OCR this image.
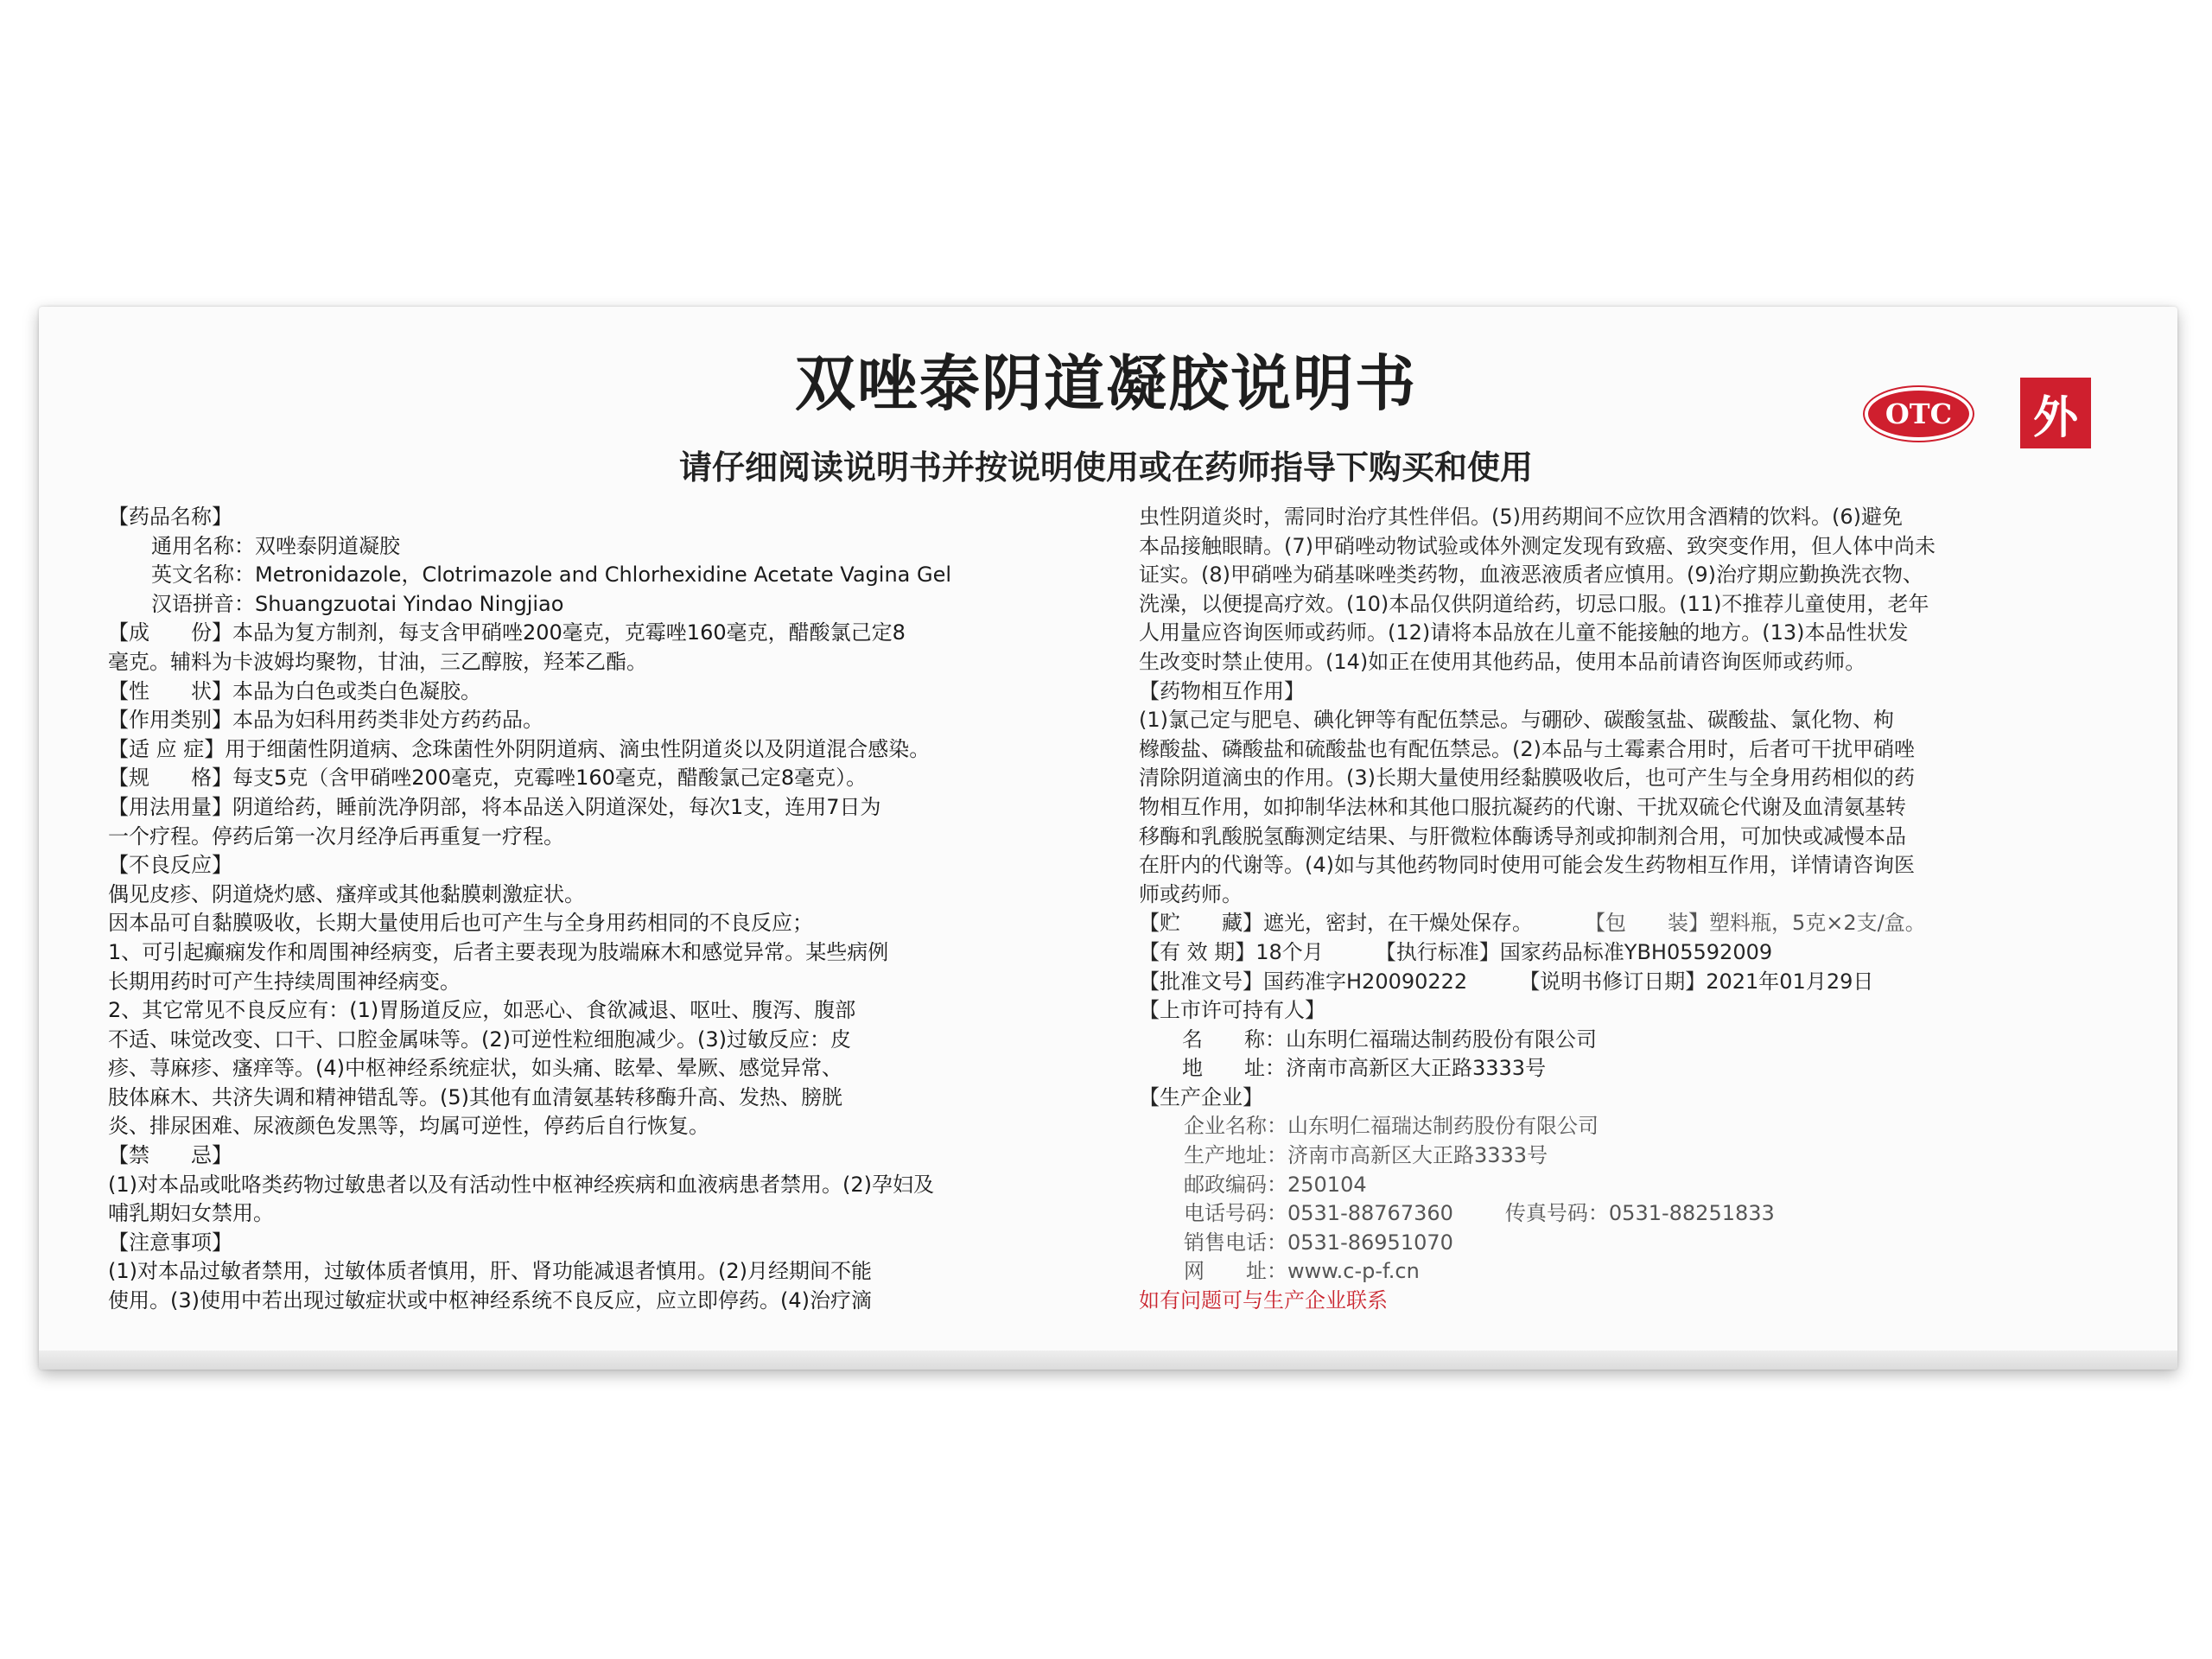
双唑泰阴道凝胶说明书
请仔细阅读说明书并按说明使用或在药师指导下购买和使用
OTC	外

【药品名称】

通用名称：双唑泰阴道凝胶

英文名称：Metronidazole，Clotrimazole and Chlorhexidine Acetate Vagina Gel

汉语拼音：Shuangzuotai Yindao Ningjiao

【成　　份】本品为复方制剂，每支含甲硝唑200毫克，克霉唑160毫克，醋酸氯己定8

毫克。辅料为卡波姆均聚物，甘油，三乙醇胺，羟苯乙酯。

【性　　状】本品为白色或类白色凝胶。

【作用类别】本品为妇科用药类非处方药药品。

【适 应 症】用于细菌性阴道病、念珠菌性外阴阴道病、滴虫性阴道炎以及阴道混合感染。

【规　　格】每支5克（含甲硝唑200毫克，克霉唑160毫克，醋酸氯己定8毫克）。

【用法用量】阴道给药，睡前洗净阴部，将本品送入阴道深处，每次1支，连用7日为

一个疗程。停药后第一次月经净后再重复一疗程。

【不良反应】

偶见皮疹、阴道烧灼感、瘙痒或其他黏膜刺激症状。

因本品可自黏膜吸收，长期大量使用后也可产生与全身用药相同的不良反应；

1、可引起癫痫发作和周围神经病变，后者主要表现为肢端麻木和感觉异常。某些病例

长期用药时可产生持续周围神经病变。

2、其它常见不良反应有：(1)胃肠道反应，如恶心、食欲减退、呕吐、腹泻、腹部

不适、味觉改变、口干、口腔金属味等。(2)可逆性粒细胞减少。(3)过敏反应：皮

疹、荨麻疹、瘙痒等。(4)中枢神经系统症状，如头痛、眩晕、晕厥、感觉异常、

肢体麻木、共济失调和精神错乱等。(5)其他有血清氨基转移酶升高、发热、膀胱

炎、排尿困难、尿液颜色发黑等，均属可逆性，停药后自行恢复。

【禁　　忌】

(1)对本品或吡咯类药物过敏患者以及有活动性中枢神经疾病和血液病患者禁用。(2)孕妇及

哺乳期妇女禁用。

【注意事项】

(1)对本品过敏者禁用，过敏体质者慎用，肝、肾功能减退者慎用。(2)月经期间不能

使用。(3)使用中若出现过敏症状或中枢神经系统不良反应，应立即停药。(4)治疗滴

虫性阴道炎时，需同时治疗其性伴侣。(5)用药期间不应饮用含酒精的饮料。(6)避免

本品接触眼睛。(7)甲硝唑动物试验或体外测定发现有致癌、致突变作用，但人体中尚未

证实。(8)甲硝唑为硝基咪唑类药物，血液恶液质者应慎用。(9)治疗期应勤换洗衣物、

洗澡，以便提高疗效。(10)本品仅供阴道给药，切忌口服。(11)不推荐儿童使用，老年

人用量应咨询医师或药师。(12)请将本品放在儿童不能接触的地方。(13)本品性状发

生改变时禁止使用。(14)如正在使用其他药品，使用本品前请咨询医师或药师。

【药物相互作用】

(1)氯己定与肥皂、碘化钾等有配伍禁忌。与硼砂、碳酸氢盐、碳酸盐、氯化物、枸

橼酸盐、磷酸盐和硫酸盐也有配伍禁忌。(2)本品与土霉素合用时，后者可干扰甲硝唑

清除阴道滴虫的作用。(3)长期大量使用经黏膜吸收后，也可产生与全身用药相似的药

物相互作用，如抑制华法林和其他口服抗凝药的代谢、干扰双硫仑代谢及血清氨基转

移酶和乳酸脱氢酶测定结果、与肝微粒体酶诱导剂或抑制剂合用，可加快或减慢本品

在肝内的代谢等。(4)如与其他药物同时使用可能会发生药物相互作用，详情请咨询医

师或药师。

【贮　　藏】遮光，密封，在干燥处保存。	【包　　装】塑料瓶，5克×2支/盒。

【有 效 期】18个月	【执行标准】国家药品标准YBH05592009

【批准文号】国药准字H20090222	【说明书修订日期】2021年01月29日

【上市许可持有人】

名　　称：山东明仁福瑞达制药股份有限公司

地　　址：济南市高新区大正路3333号

【生产企业】

企业名称：山东明仁福瑞达制药股份有限公司

生产地址：济南市高新区大正路3333号

邮政编码：250104

电话号码：0531-88767360	传真号码：0531-88251833

销售电话：0531-86951070

网　　址：www.c-p-f.cn

如有问题可与生产企业联系
